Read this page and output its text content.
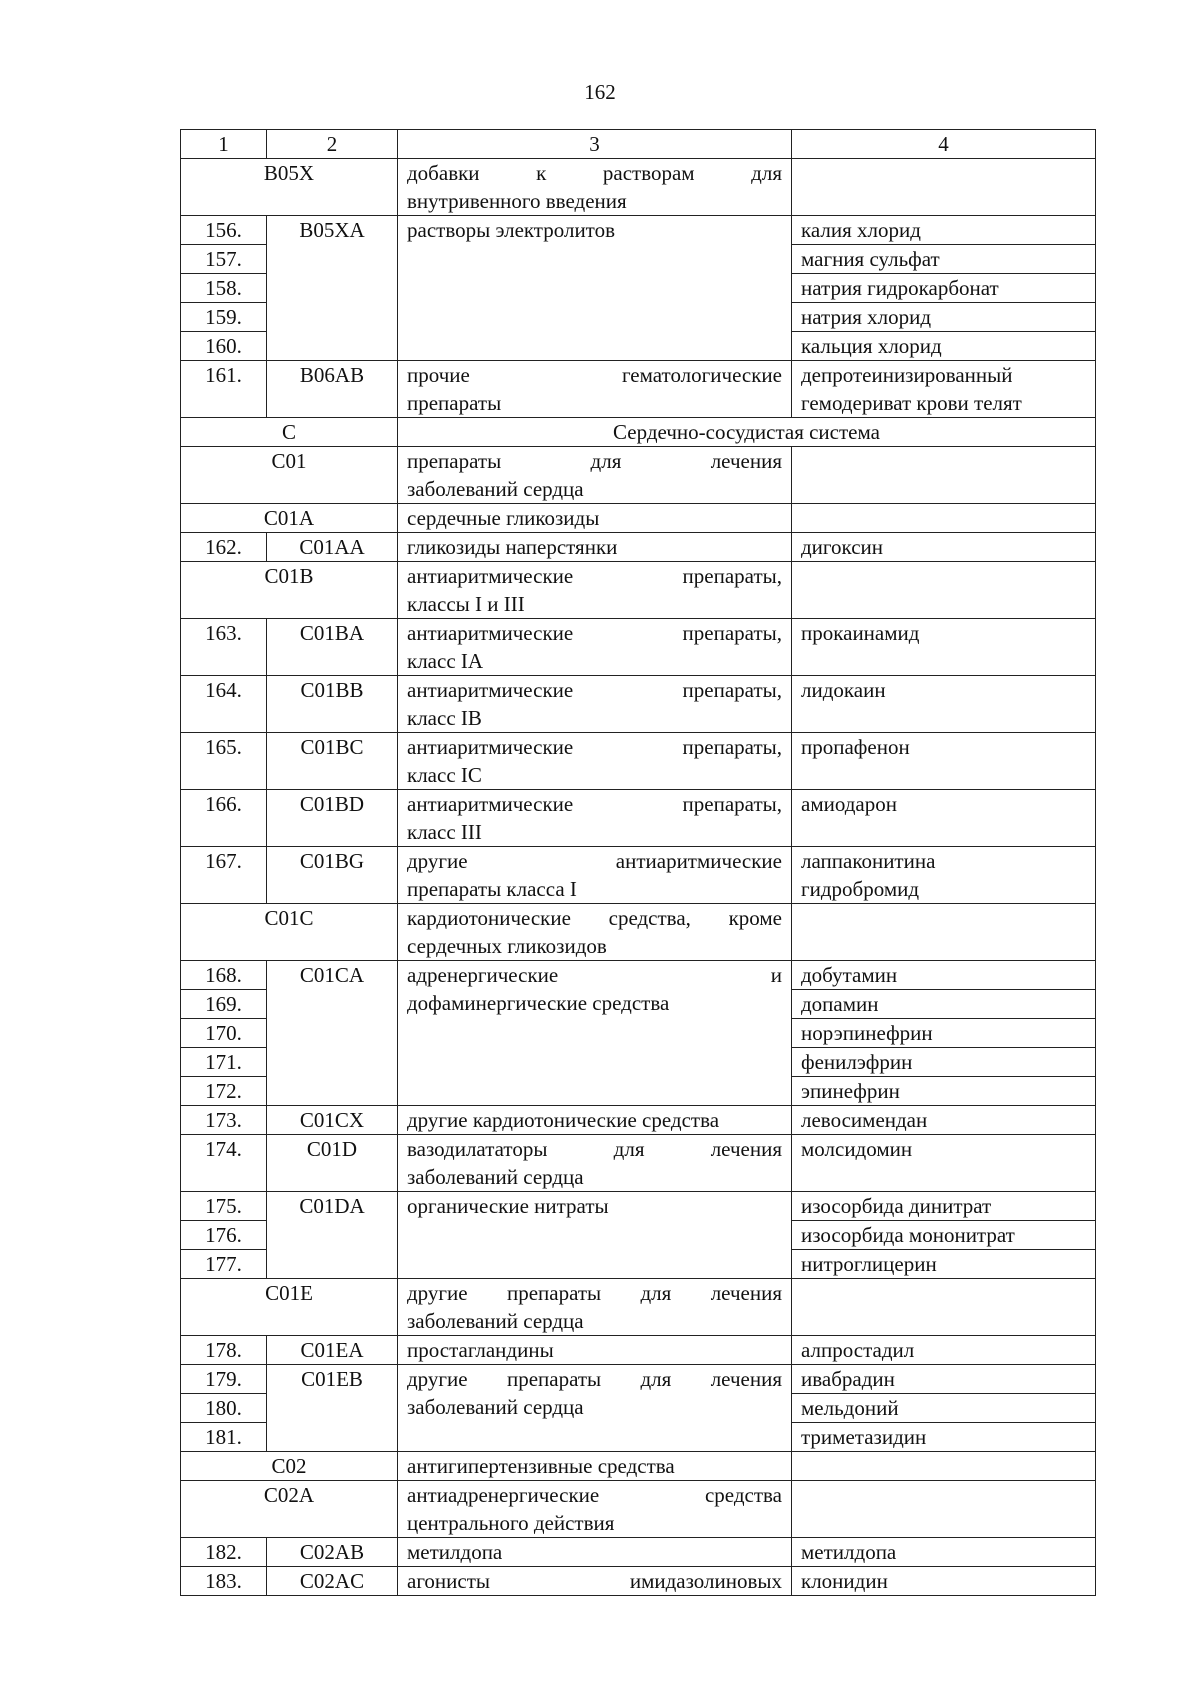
162
1	2	3	4
B05X		добавки к растворам для
внутривенного введения	

156.	B05XA	растворы электролитов	калия хлорид
157.			магния сульфат
158.			натрия гидрокарбонат
159.			натрия хлорид
160.			кальция хлорид
161.	B06AB	прочие гематологические
препараты	депротеинизированный
гемодериват крови телят
C		Сердечно-сосудистая система	
C01		препараты для лечения
заболеваний сердца	

C01A		сердечные гликозиды	
162.	C01AA	гликозиды наперстянки	дигоксин
C01B		антиаритмические препараты,
классы I и III	

163.	C01BA	антиаритмические препараты,
класс IA	прокаинамид
164.	C01BB	антиаритмические препараты,
класс IB	лидокаин
165.	C01BC	антиаритмические препараты,
класс IC	пропафенон
166.	C01BD	антиаритмические препараты,
класс III	амиодарон
167.	C01BG	другие антиаритмические
препараты класса I	лаппаконитина
гидробромид
C01C		кардиотонические средства, кроме
сердечных гликозидов	

168.	C01CA	адренергические и
дофаминергические средства	добутамин
169.			допамин
170.			норэпинефрин
171.			фенилэфрин
172.			эпинефрин
173.	C01CX	другие кардиотонические средства	левосимендан
174.	C01D	вазодилататоры для лечения
заболеваний сердца	молсидомин
175.	C01DA	органические нитраты	изосорбида динитрат
176.			изосорбида мононитрат
177.			нитроглицерин
C01E		другие препараты для лечения
заболеваний сердца	

178.	C01EA	простагландины	алпростадил
179.	C01EB	другие препараты для лечения
заболеваний сердца	ивабрадин
180.			мельдоний
181.			триметазидин
C02		антигипертензивные средства	
C02A		антиадренергические средства
центрального действия	

182.	C02AB	метилдопа	метилдопа
183.	C02AC	агонисты имидазолиновых	клонидин
